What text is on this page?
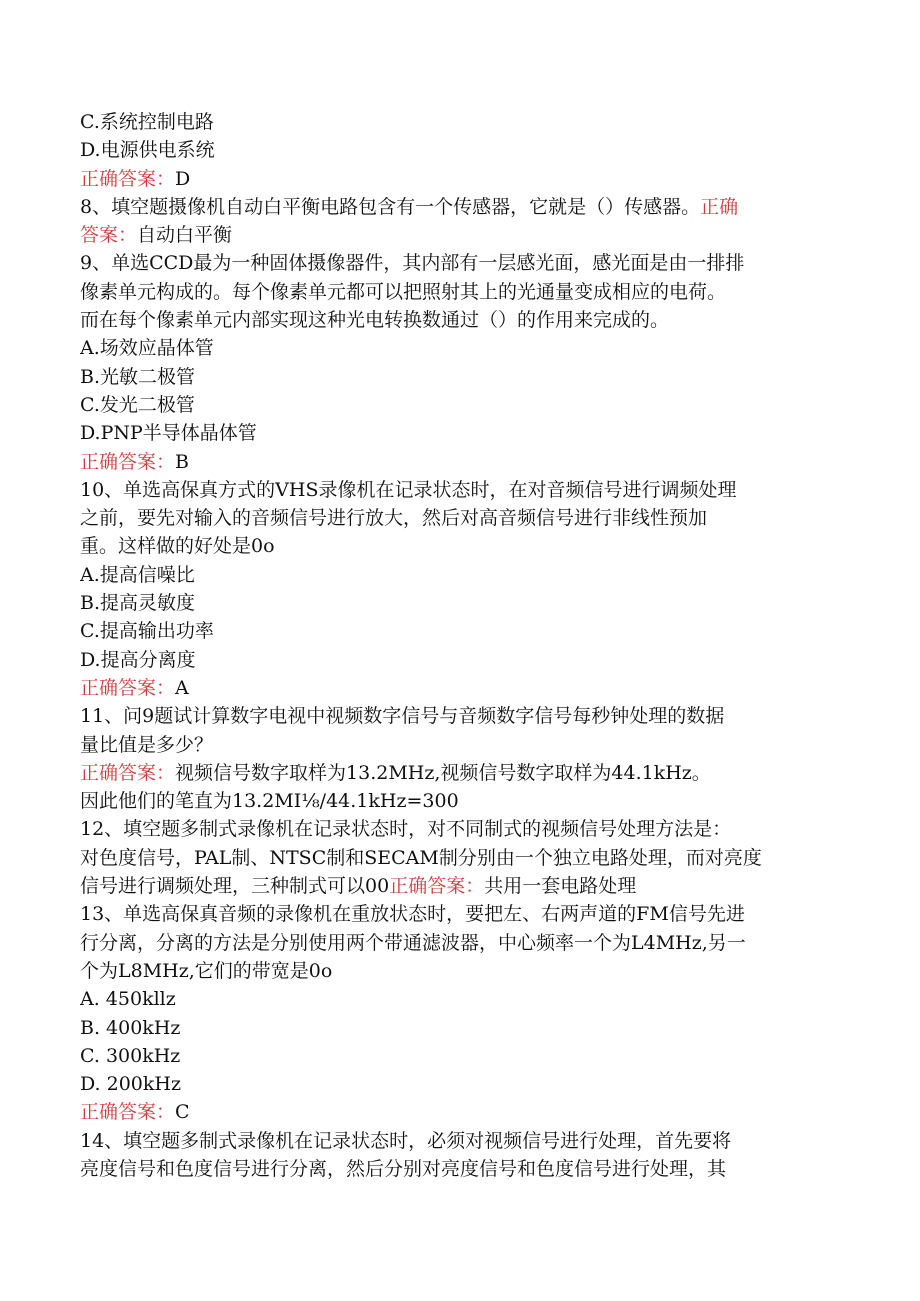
C.系统控制电路
D.电源供电系统
正确答案：D
8、填空题摄像机自动白平衡电路包含有一个传感器，它就是（）传感器。正确
答案：自动白平衡
9、单选CCD最为一种固体摄像器件，其内部有一层感光面，感光面是由一排排
像素单元构成的。每个像素单元都可以把照射其上的光通量变成相应的电荷。
而在每个像素单元内部实现这种光电转换数通过（）的作用来完成的。
A.场效应晶体管
B.光敏二极管
C.发光二极管
D.PNP半导体晶体管
正确答案：B
10、单选高保真方式的VHS录像机在记录状态时，在对音频信号进行调频处理
之前，要先对输入的音频信号进行放大，然后对高音频信号进行非线性预加
重。这样做的好处是0o
A.提高信噪比
B.提高灵敏度
C.提高输出功率
D.提高分离度
正确答案：A
11、问9题试计算数字电视中视频数字信号与音频数字信号每秒钟处理的数据
量比值是多少？
正确答案：视频信号数字取样为13.2MHz,视频信号数字取样为44.1kHz。
因此他们的笔直为13.2MI⅛/44.1kHz=300
12、填空题多制式录像机在记录状态时，对不同制式的视频信号处理方法是：
对色度信号，PAL制、NTSC制和SECAM制分别由一个独立电路处理，而对亮度
信号进行调频处理，三种制式可以00正确答案：共用一套电路处理
13、单选高保真音频的录像机在重放状态时，要把左、右两声道的FM信号先进
行分离，分离的方法是分别使用两个带通滤波器，中心频率一个为L4MHz,另一
个为L8MHz,它们的带宽是0o
A. 450kllz
B. 400kHz
C. 300kHz
D. 200kHz
正确答案：C
14、填空题多制式录像机在记录状态时，必须对视频信号进行处理，首先要将
亮度信号和色度信号进行分离，然后分别对亮度信号和色度信号进行处理，其
